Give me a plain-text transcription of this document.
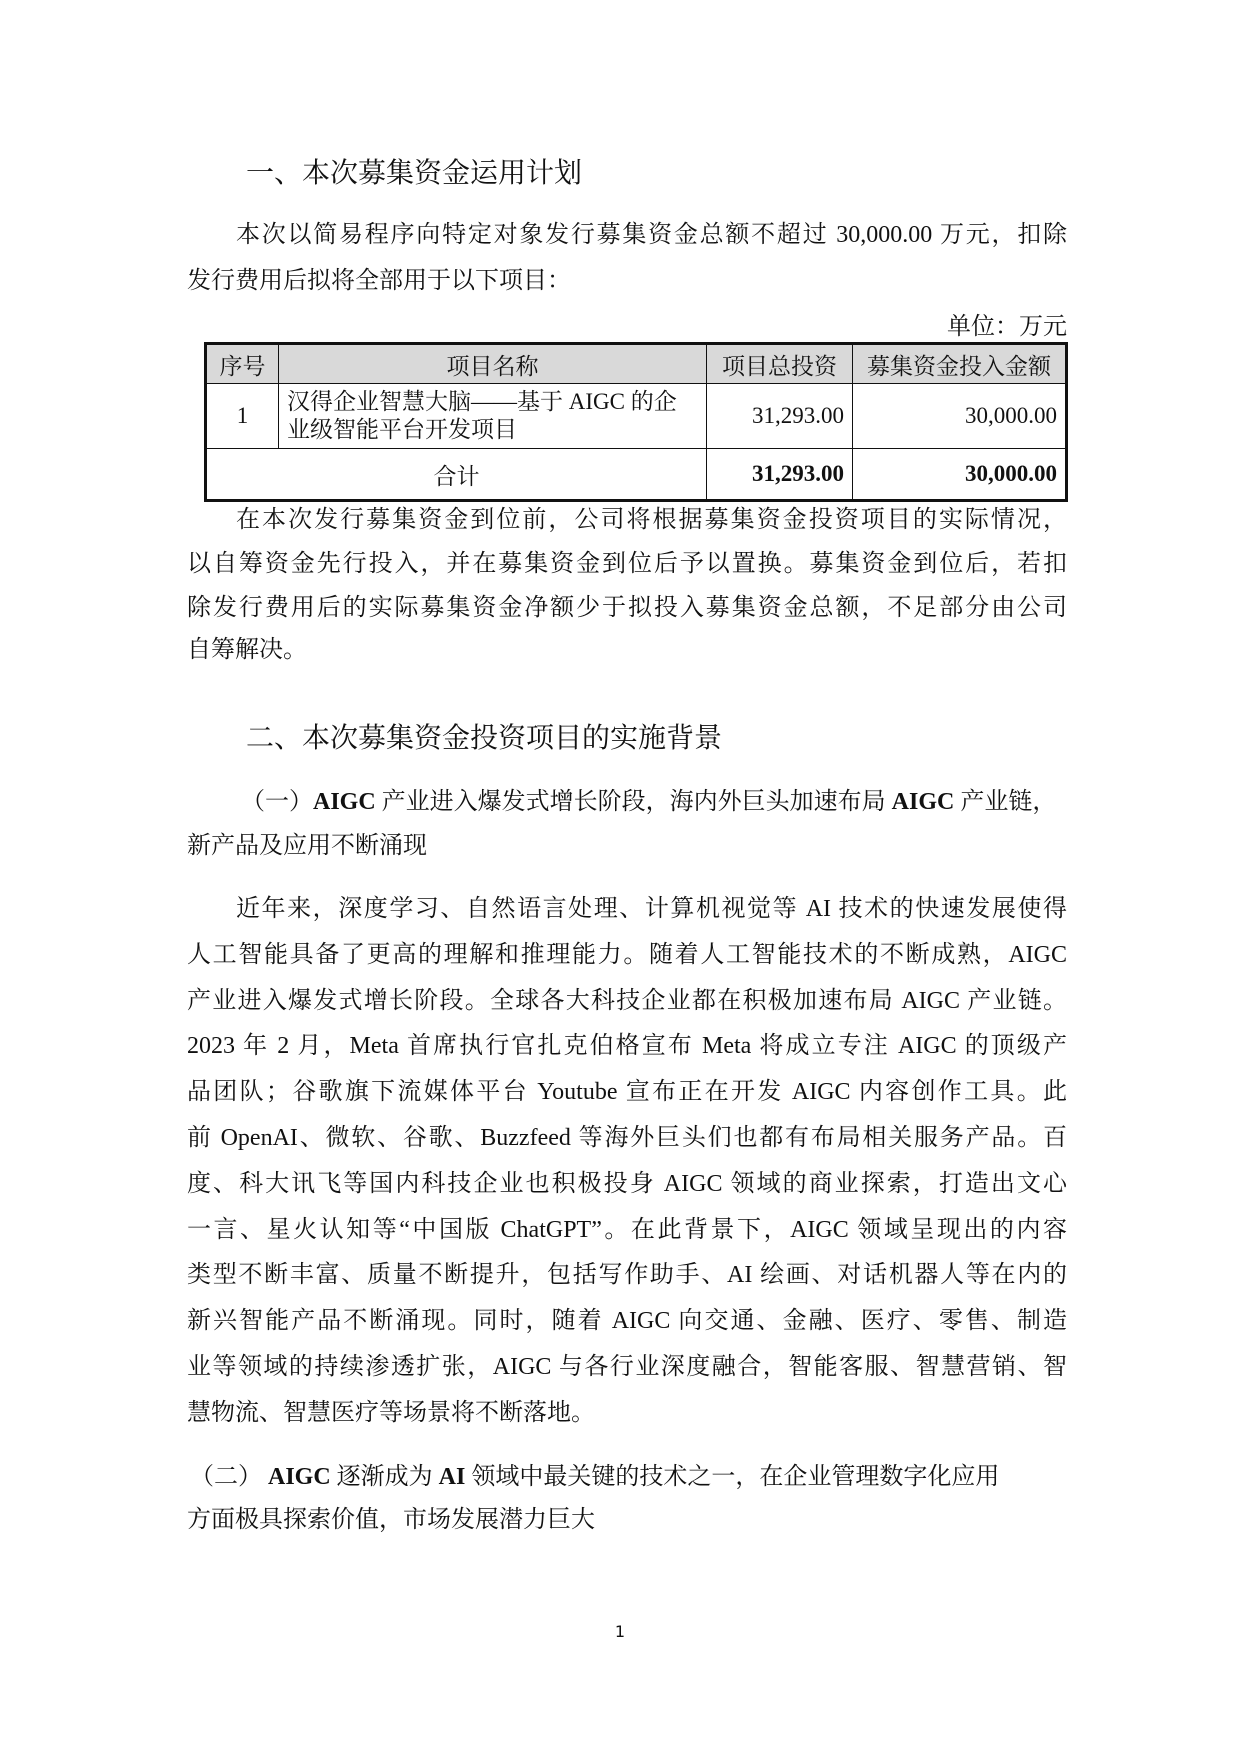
一、本次募集资金运用计划
本次以简易程序向特定对象发行募集资金总额不超过 30,000.00 万元，扣除
发行费用后拟将全部用于以下项目：
单位：万元
序号	项目名称	项目总投资	募集资金投入金额
1	汉得企业智慧大脑——基于 AIGC 的企
业级智能平台开发项目	31,293.00	30,000.00
合计		31,293.00	30,000.00
在本次发行募集资金到位前，公司将根据募集资金投资项目的实际情况，
以自筹资金先行投入，并在募集资金到位后予以置换。募集资金到位后，若扣
除发行费用后的实际募集资金净额少于拟投入募集资金总额，不足部分由公司
自筹解决。
二、本次募集资金投资项目的实施背景
（一）AIGC 产业进入爆发式增长阶段，海内外巨头加速布局 AIGC 产业链，
新产品及应用不断涌现
近年来，深度学习、自然语言处理、计算机视觉等 AI 技术的快速发展使得
人工智能具备了更高的理解和推理能力。随着人工智能技术的不断成熟，AIGC
产业进入爆发式增长阶段。全球各大科技企业都在积极加速布局 AIGC 产业链。
2023 年 2 月，Meta 首席执行官扎克伯格宣布 Meta 将成立专注 AIGC 的顶级产
品团队；谷歌旗下流媒体平台 Youtube 宣布正在开发 AIGC 内容创作工具。此
前 OpenAI、微软、谷歌、Buzzfeed 等海外巨头们也都有布局相关服务产品。百
度、科大讯飞等国内科技企业也积极投身 AIGC 领域的商业探索，打造出文心
一言、星火认知等“中国版 ChatGPT”。在此背景下，AIGC 领域呈现出的内容
类型不断丰富、质量不断提升，包括写作助手、AI 绘画、对话机器人等在内的
新兴智能产品不断涌现。同时，随着 AIGC 向交通、金融、医疗、零售、制造
业等领域的持续渗透扩张，AIGC 与各行业深度融合，智能客服、智慧营销、智
慧物流、智慧医疗等场景将不断落地。
（二） AIGC 逐渐成为 AI 领域中最关键的技术之一，在企业管理数字化应用
方面极具探索价值，市场发展潜力巨大
1
